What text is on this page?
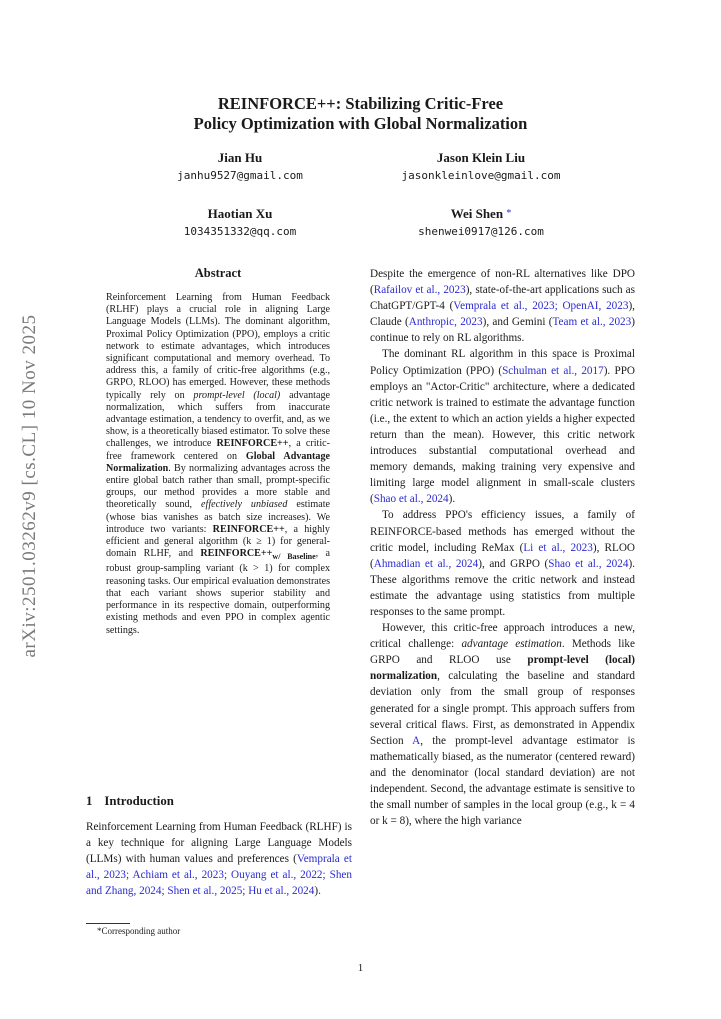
REINFORCE++: Stabilizing Critic-Free
Policy Optimization with Global Normalization
Jian Hu
janhu9527@gmail.com
Jason Klein Liu
jasonkleinlove@gmail.com
Haotian Xu
1034351332@qq.com
Wei Shen *
shenwei0917@126.com
arXiv:2501.03262v9 [cs.CL] 10 Nov 2025
Abstract

Reinforcement Learning from Human Feedback (RLHF) plays a crucial role in aligning Large Language Models (LLMs). The dominant algorithm, Proximal Policy Optimization (PPO), employs a critic network to estimate advantages, which introduces significant computational and memory overhead. To address this, a family of critic-free algorithms (e.g., GRPO, RLOO) has emerged. However, these methods typically rely on prompt-level (local) advantage normalization, which suffers from inaccurate advantage estimation, a tendency to overfit, and, as we show, is a theoretically biased estimator. To solve these challenges, we introduce REINFORCE++, a critic-free framework centered on Global Advantage Normalization. By normalizing advantages across the entire global batch rather than small, prompt-specific groups, our method provides a more stable and theoretically sound, effectively unbiased estimate (whose bias vanishes as batch size increases). We introduce two variants: REINFORCE++, a highly efficient and general algorithm (k ≥ 1) for general-domain RLHF, and $REINFORCE++_{w/ Baseline}$, a robust group-sampling variant (k > 1) for complex reasoning tasks. Our empirical evaluation demonstrates that each variant shows superior stability and performance in its respective domain, outperforming existing methods and even PPO in complex agentic settings.

1 Introduction

Reinforcement Learning from Human Feedback (RLHF) is a key technique for aligning Large Language Models (LLMs) with human values and preferences (Vemprala et al., 2023; Achiam et al., 2023; Ouyang et al., 2022; Shen and Zhang, 2024; Shen et al., 2025; Hu et al., 2024).

*Corresponding author

Despite the emergence of non-RL alternatives like DPO (Rafailov et al., 2023), state-of-the-art applications such as ChatGPT/GPT-4 (Vemprala et al., 2023; OpenAI, 2023), Claude (Anthropic, 2023), and Gemini (Team et al., 2023) continue to rely on RL algorithms.

The dominant RL algorithm in this space is Proximal Policy Optimization (PPO) (Schulman et al., 2017). PPO employs an "Actor-Critic" architecture, where a dedicated critic network is trained to estimate the advantage function (i.e., the extent to which an action yields a higher expected return than the mean). However, this critic network introduces substantial computational overhead and memory demands, making training very expensive and limiting large model alignment in small-scale clusters (Shao et al., 2024).

To address PPO's efficiency issues, a family of REINFORCE-based methods has emerged without the critic model, including ReMax (Li et al., 2023), RLOO (Ahmadian et al., 2024), and GRPO (Shao et al., 2024). These algorithms remove the critic network and instead estimate the advantage using statistics from multiple responses to the same prompt.

However, this critic-free approach introduces a new, critical challenge: advantage estimation. Methods like GRPO and RLOO use prompt-level (local) normalization, calculating the baseline and standard deviation only from the small group of responses generated for a single prompt. This approach suffers from several critical flaws. First, as demonstrated in Appendix Section A, the prompt-level advantage estimator is mathematically biased, as the numerator (centered reward) and the denominator (local standard deviation) are not independent. Second, the advantage estimate is sensitive to the small number of samples in the local group (e.g., k = 4 or k = 8), where the high variance

1
